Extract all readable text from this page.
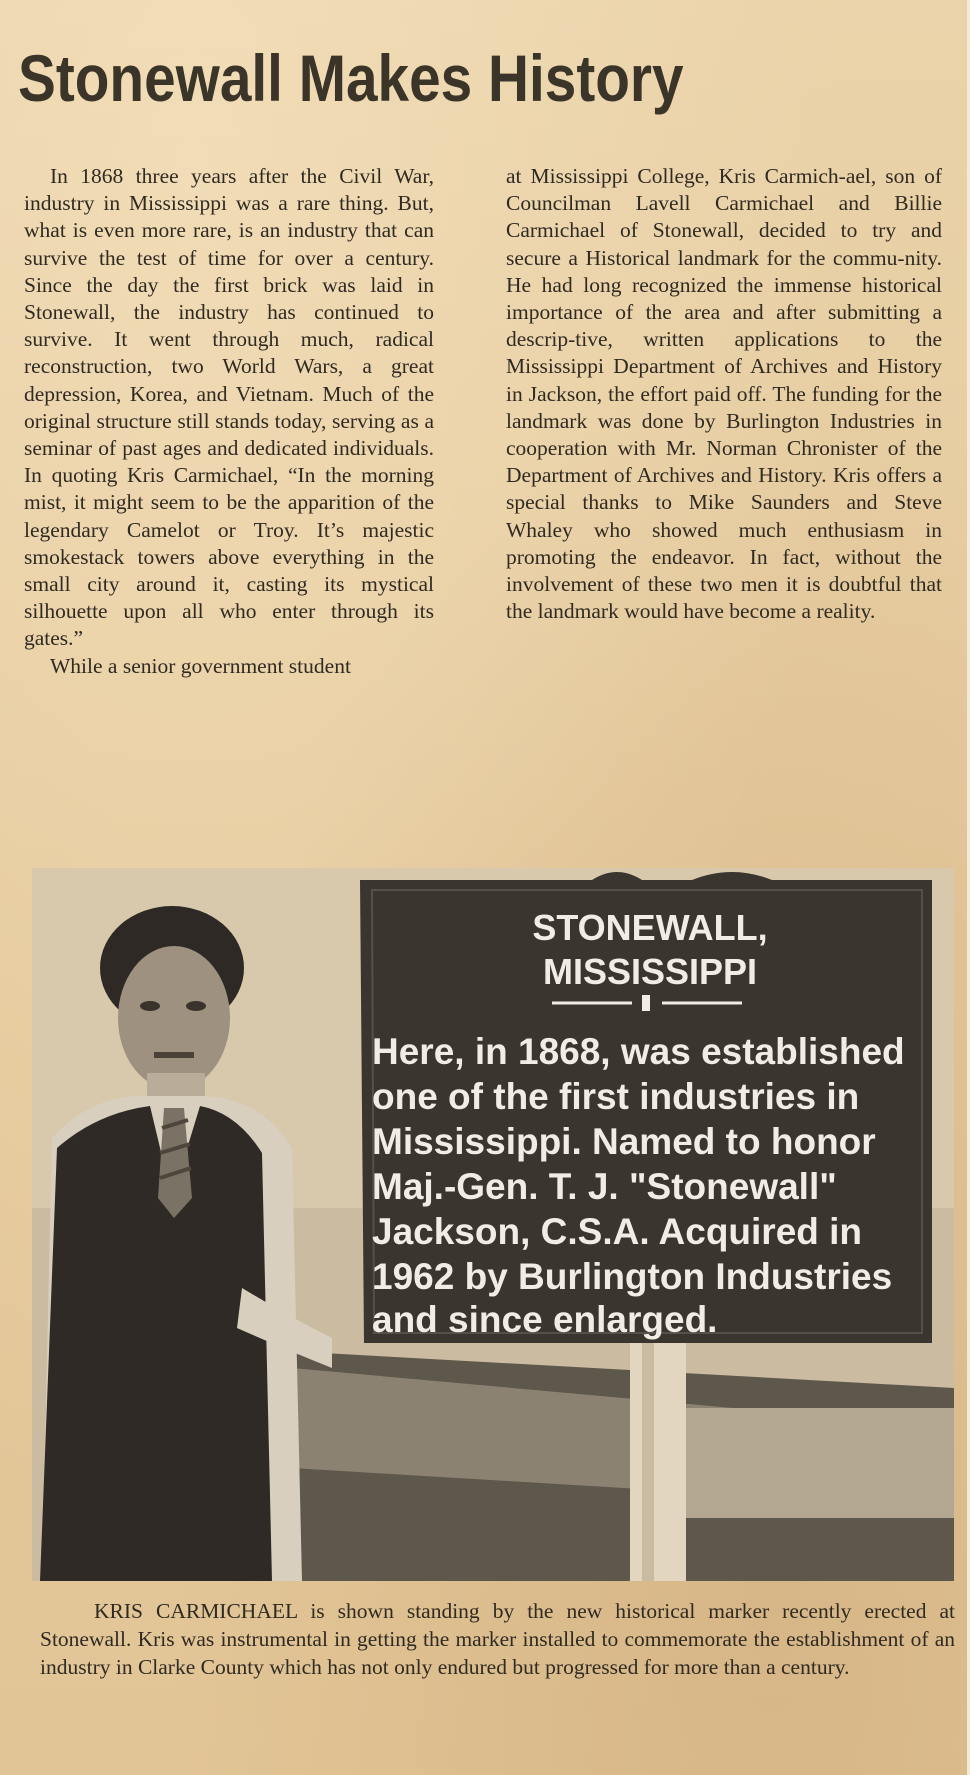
Stonewall Makes History

In 1868 three years after the Civil War, industry in Mississippi was a rare thing. But, what is even more rare, is an industry that can survive the test of time for over a century. Since the day the first brick was laid in Stonewall, the industry has continued to survive. It went through much, radical reconstruction, two World Wars, a great depression, Korea, and Vietnam. Much of the original structure still stands today, serving as a seminar of past ages and dedicated individuals. In quoting Kris Carmichael, “In the morning mist, it might seem to be the apparition of the legendary Camelot or Troy. It’s majestic smokestack towers above everything in the small city around it, casting its mystical silhouette upon all who enter through its gates.”

While a senior government student

at Mississippi College, Kris Carmich-ael, son of Councilman Lavell Carmichael and Billie Carmichael of Stonewall, decided to try and secure a Historical landmark for the commu-nity. He had long recognized the immense historical importance of the area and after submitting a descrip-tive, written applications to the Mississippi Department of Archives and History in Jackson, the effort paid off. The funding for the landmark was done by Burlington Industries in cooperation with Mr. Norman Chronister of the Department of Archives and History. Kris offers a special thanks to Mike Saunders and Steve Whaley who showed much enthusiasm in promoting the endeavor. In fact, without the involvement of these two men it is doubtful that the landmark would have become a reality.

STONEWALL,
MISSISSIPPI
Here, in 1868, was established
one of the first industries in
Mississippi. Named to honor
Maj.-Gen. T. J. "Stonewall"
Jackson, C.S.A. Acquired in
1962 by Burlington Industries
and since enlarged.

KRIS CARMICHAEL is shown standing by the new historical marker recently erected at Stonewall. Kris was instrumental in getting the marker installed to commemorate the establishment of an industry in Clarke County which has not only endured but progressed for more than a century.
